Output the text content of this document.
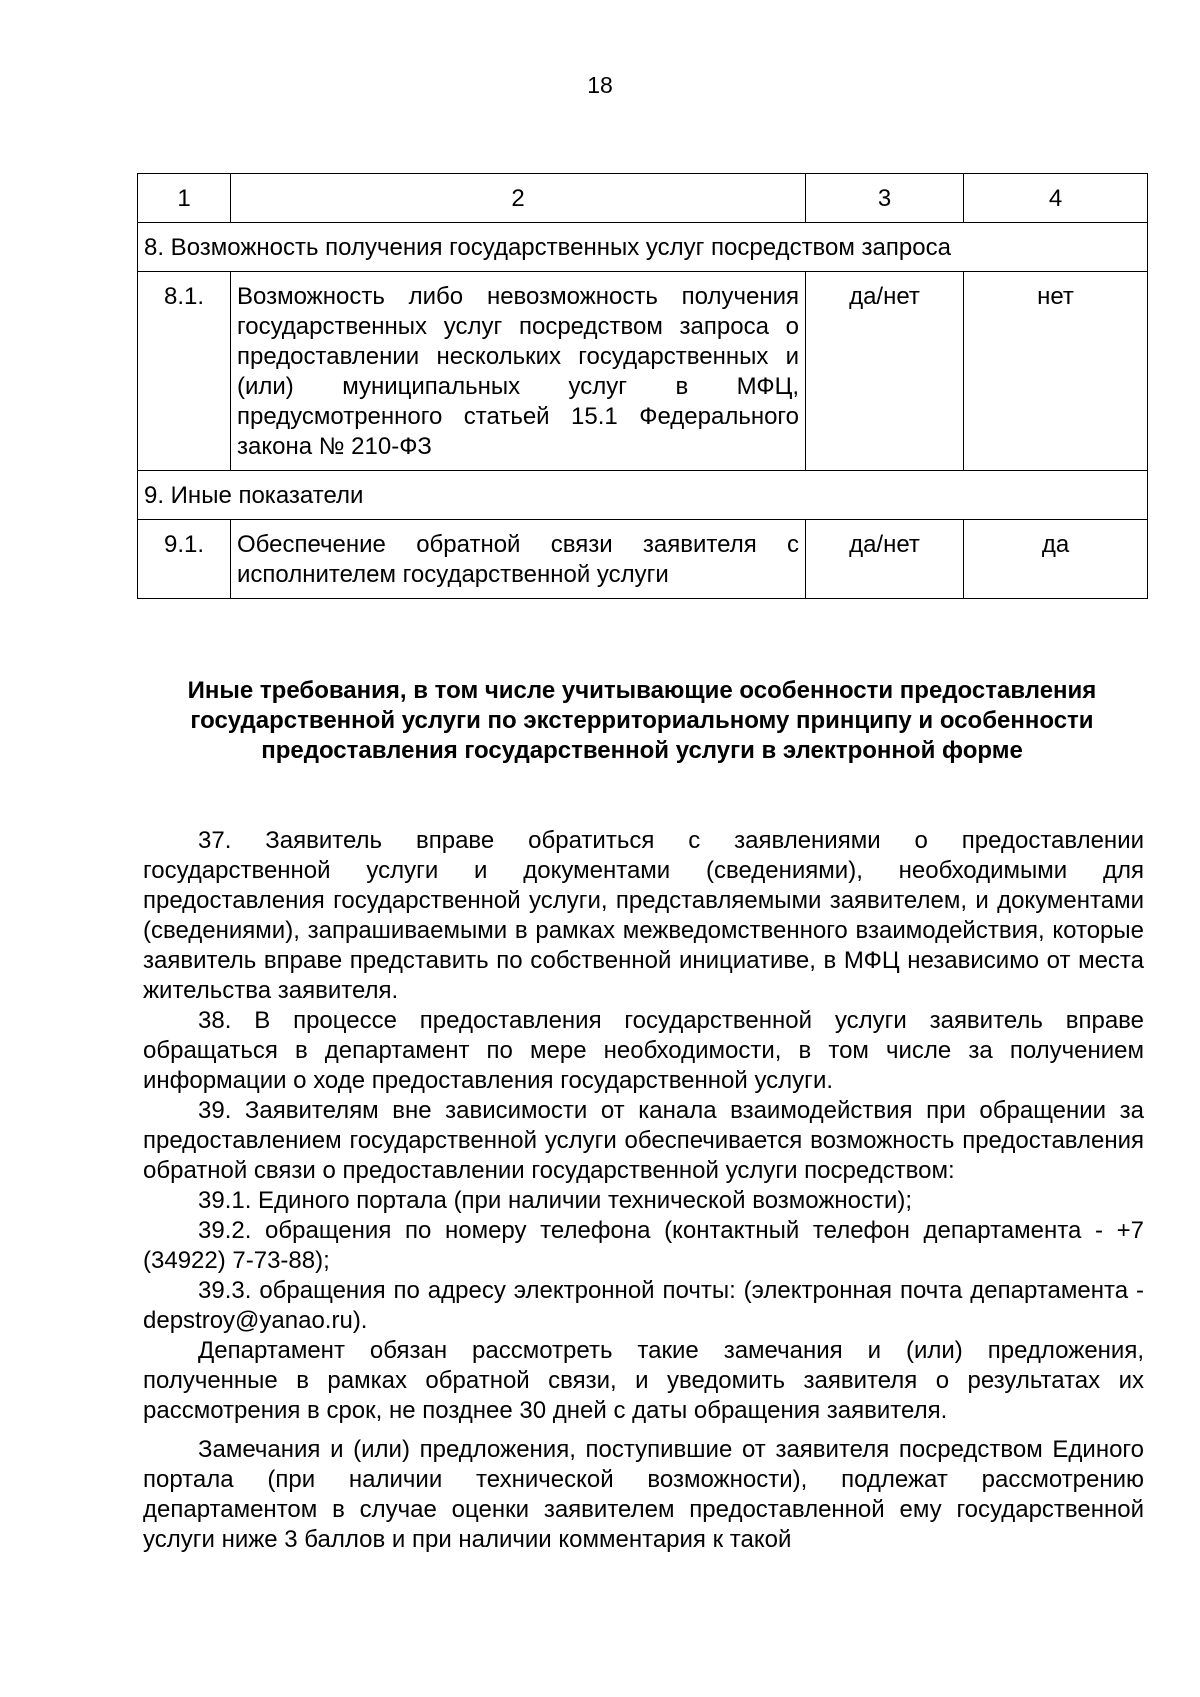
18
1	2	3	4
8. Возможность получения государственных услуг посредством запроса			
8.1.	Возможность либо невозможность получения государственных услуг посредством запроса о предоставлении нескольких государственных и (или) муниципальных услуг в МФЦ, предусмотренного статьей 15.1 Федерального закона № 210-ФЗ	да/нет	нет
9. Иные показатели			
9.1.	Обеспечение обратной связи заявителя с исполнителем государственной услуги	да/нет	да
Иные требования, в том числе учитывающие особенности предоставления государственной услуги по экстерриториальному принципу и особенности предоставления государственной услуги в электронной форме

37. Заявитель вправе обратиться с заявлениями о предоставлении государственной услуги и документами (сведениями), необходимыми для предоставления государственной услуги, представляемыми заявителем, и документами (сведениями), запрашиваемыми в рамках межведомственного взаимодействия, которые заявитель вправе представить по собственной инициативе, в МФЦ независимо от места жительства заявителя.

38. В процессе предоставления государственной услуги заявитель вправе обращаться в департамент по мере необходимости, в том числе за получением информации о ходе предоставления государственной услуги.

39. Заявителям вне зависимости от канала взаимодействия при обращении за предоставлением государственной услуги обеспечивается возможность предоставления обратной связи о предоставлении государственной услуги посредством:

39.1. Единого портала (при наличии технической возможности);

39.2. обращения по номеру телефона (контактный телефон департамента - +7 (34922) 7-73-88);

39.3. обращения по адресу электронной почты: (электронная почта департамента - depstroy@yanao.ru).

Департамент обязан рассмотреть такие замечания и (или) предложения, полученные в рамках обратной связи, и уведомить заявителя о результатах их рассмотрения в срок, не позднее 30 дней с даты обращения заявителя.

Замечания и (или) предложения, поступившие от заявителя посредством Единого портала (при наличии технической возможности), подлежат рассмотрению департаментом в случае оценки заявителем предоставленной ему государственной услуги ниже 3 баллов и при наличии комментария к такой
